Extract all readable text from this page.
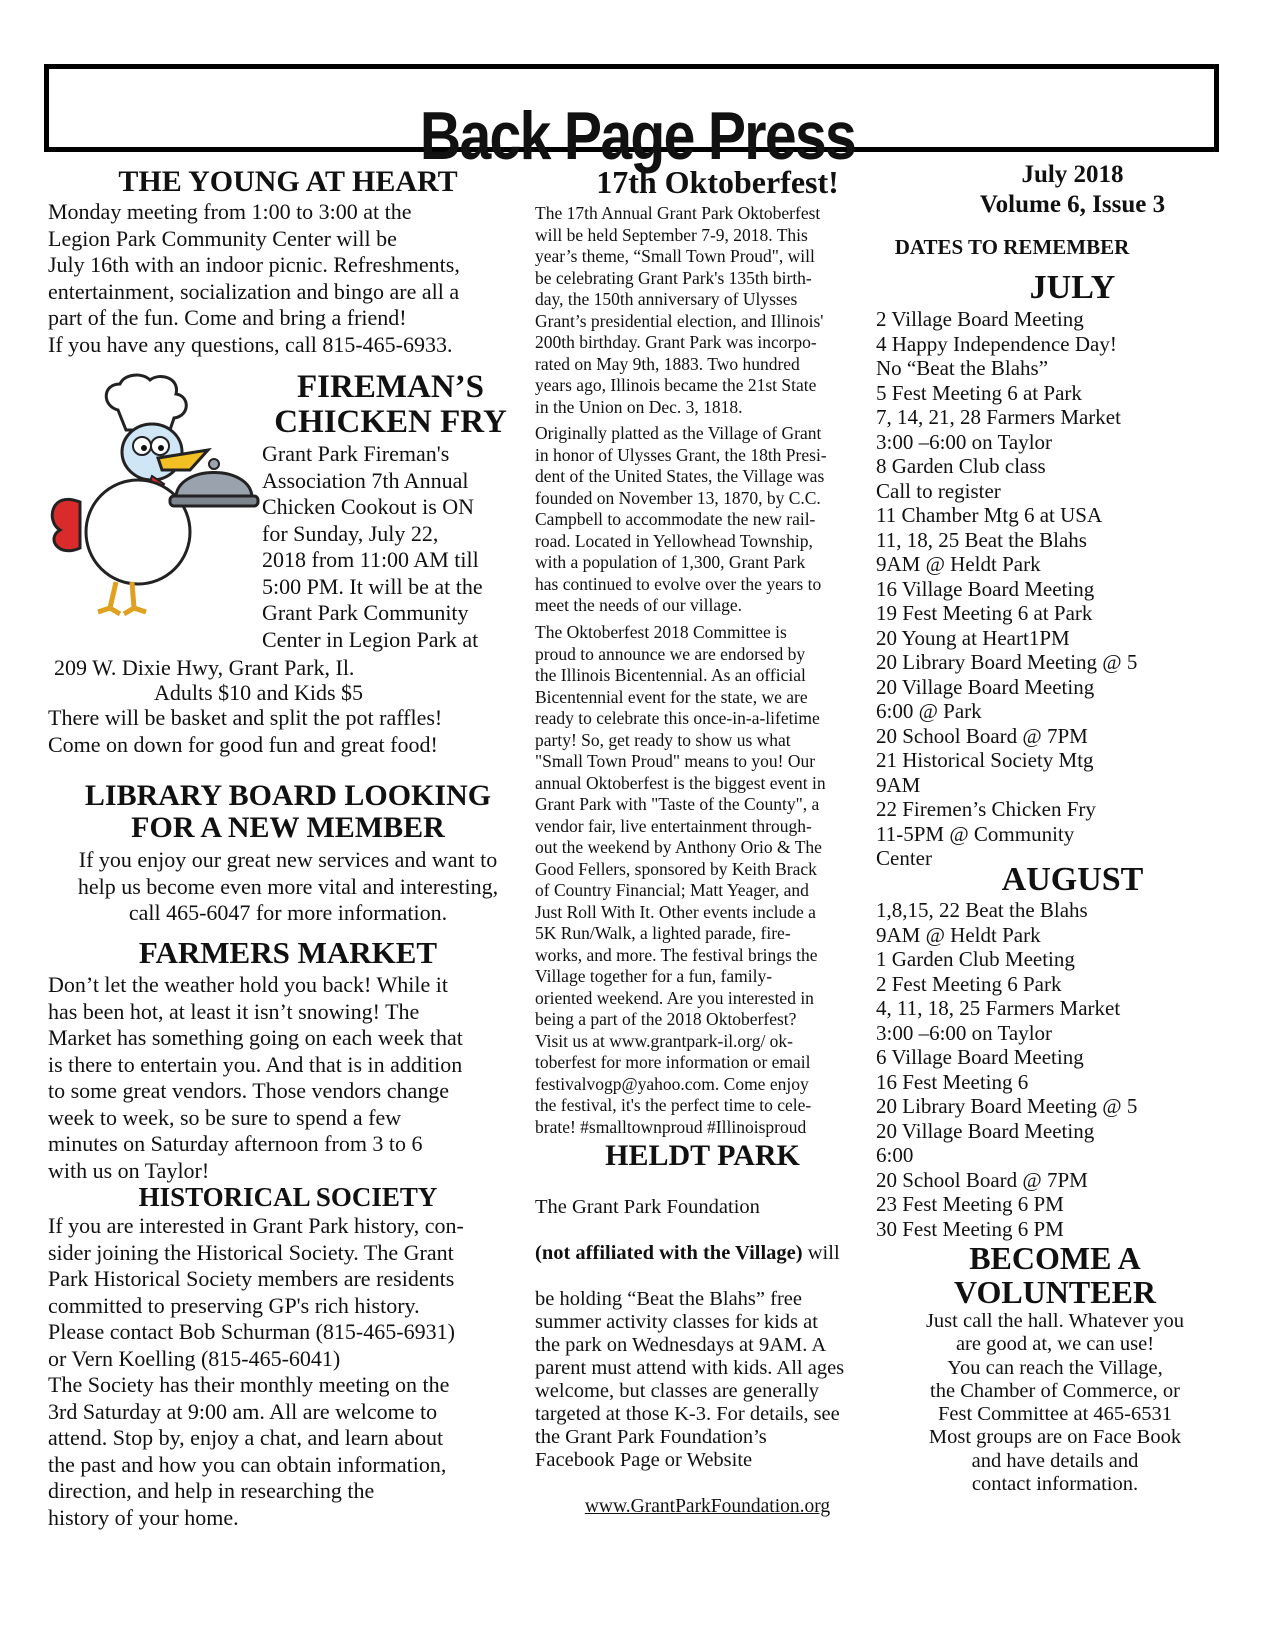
Back Page Press
THE YOUNG AT HEART
Monday meeting from 1:00 to 3:00 at the
Legion Park Community Center will be
July 16th with an indoor picnic. Refreshments,
entertainment, socialization and bingo are all a
part of the fun. Come and bring a friend!
If you have any questions, call 815-465-6933.
FIREMAN’S
CHICKEN FRY
Grant Park Fireman's
Association 7th Annual
Chicken Cookout is ON
for Sunday, July 22,
2018 from 11:00 AM till
5:00 PM. It will be at the
Grant Park Community
Center in Legion Park at
209 W. Dixie Hwy, Grant Park, Il.
Adults $10 and Kids $5
There will be basket and split the pot raffles!
Come on down for good fun and great food!
LIBRARY BOARD LOOKING
FOR A NEW MEMBER
If you enjoy our great new services and want to
help us become even more vital and interesting,
call 465-6047 for more information.
FARMERS MARKET
Don’t let the weather hold you back! While it
has been hot, at least it isn’t snowing! The
Market has something going on each week that
is there to entertain you. And that is in addition
to some great vendors. Those vendors change
week to week, so be sure to spend a few
minutes on Saturday afternoon from 3 to 6
with us on Taylor!
HISTORICAL SOCIETY
If you are interested in Grant Park history, con-
sider joining the Historical Society. The Grant
Park Historical Society members are residents
committed to preserving GP's rich history.
Please contact Bob Schurman (815-465-6931)
or Vern Koelling (815-465-6041)
The Society has their monthly meeting on the
3rd Saturday at 9:00 am. All are welcome to
attend. Stop by, enjoy a chat, and learn about
the past and how you can obtain information,
direction, and help in researching the
history of your home.
17th Oktoberfest!
The 17th Annual Grant Park Oktoberfest
will be held September 7-9, 2018. This
year’s theme, “Small Town Proud", will
be celebrating Grant Park's 135th birth-
day, the 150th anniversary of Ulysses
Grant’s presidential election, and Illinois'
200th birthday. Grant Park was incorpo-
rated on May 9th, 1883. Two hundred
years ago, Illinois became the 21st State
in the Union on Dec. 3, 1818.
Originally platted as the Village of Grant
in honor of Ulysses Grant, the 18th Presi-
dent of the United States, the Village was
founded on November 13, 1870, by C.C.
Campbell to accommodate the new rail-
road. Located in Yellowhead Township,
with a population of 1,300, Grant Park
has continued to evolve over the years to
meet the needs of our village.
The Oktoberfest 2018 Committee is
proud to announce we are endorsed by
the Illinois Bicentennial. As an official
Bicentennial event for the state, we are
ready to celebrate this once-in-a-lifetime
party! So, get ready to show us what
"Small Town Proud" means to you! Our
annual Oktoberfest is the biggest event in
Grant Park with "Taste of the County", a
vendor fair, live entertainment through-
out the weekend by Anthony Orio & The
Good Fellers, sponsored by Keith Brack
of Country Financial; Matt Yeager, and
Just Roll With It. Other events include a
5K Run/Walk, a lighted parade, fire-
works, and more. The festival brings the
Village together for a fun, family-
oriented weekend. Are you interested in
being a part of the 2018 Oktoberfest?
Visit us at www.grantpark-il.org/ ok-
toberfest for more information or email
festivalvogp@yahoo.com. Come enjoy
the festival, it's the perfect time to cele-
brate! #smalltownproud #Illinoisproud
HELDT PARK

The Grant Park Foundation

(not affiliated with the Village) will

be holding “Beat the Blahs” free
summer activity classes for kids at
the park on Wednesdays at 9AM. A
parent must attend with kids. All ages
welcome, but classes are generally
targeted at those K-3. For details, see
the Grant Park Foundation’s
Facebook Page or Website

www.GrantParkFoundation.org

July 2018
Volume 6, Issue 3
DATES TO REMEMBER
JULY
2 Village Board Meeting
4 Happy Independence Day!
No “Beat the Blahs”
5 Fest Meeting 6 at Park
7, 14, 21, 28 Farmers Market
3:00 –6:00 on Taylor
8 Garden Club class
Call to register
11 Chamber Mtg 6 at USA
11, 18, 25 Beat the Blahs
9AM @ Heldt Park
16 Village Board Meeting
19 Fest Meeting 6 at Park
20 Young at Heart1PM
20 Library Board Meeting @ 5
20 Village Board Meeting
6:00 @ Park
20 School Board @ 7PM
21 Historical Society Mtg
9AM
22 Firemen’s Chicken Fry
11-5PM @ Community
Center
AUGUST
1,8,15, 22 Beat the Blahs
9AM @ Heldt Park
1 Garden Club Meeting
2 Fest Meeting 6 Park
4, 11, 18, 25 Farmers Market
3:00 –6:00 on Taylor
6 Village Board Meeting
16 Fest Meeting 6
20 Library Board Meeting @ 5
20 Village Board Meeting
6:00
20 School Board @ 7PM
23 Fest Meeting 6 PM
30 Fest Meeting 6 PM
BECOME A
VOLUNTEER
Just call the hall. Whatever you
are good at, we can use!
You can reach the Village,
the Chamber of Commerce, or
Fest Committee at 465-6531
Most groups are on Face Book
and have details and
contact information.
